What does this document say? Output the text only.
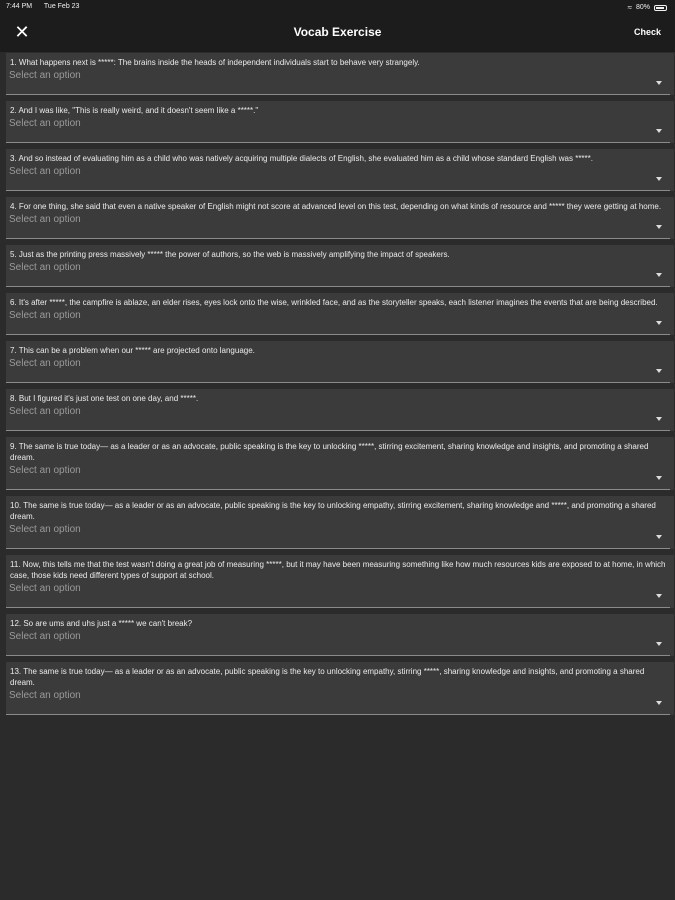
7:44 PM Tue Feb 23	≈ 80%
✕	Vocab Exercise	Check
1. What happens next is *****: The brains inside the heads of independent individuals start to behave very strangely.
Select an option
2. And I was like, "This is really weird, and it doesn't seem like a *****."
Select an option
3. And so instead of evaluating him as a child who was natively acquiring multiple dialects of English, she evaluated him as a child whose standard English was *****.
Select an option
4. For one thing, she said that even a native speaker of English might not score at advanced level on this test, depending on what kinds of resource and ***** they were getting at home.
Select an option
5. Just as the printing press massively ***** the power of authors, so the web is massively amplifying the impact of speakers.
Select an option
6. It's after *****, the campfire is ablaze, an elder rises, eyes lock onto the wise, wrinkled face, and as the storyteller speaks, each listener imagines the events that are being described.
Select an option
7. This can be a problem when our ***** are projected onto language.
Select an option
8. But I figured it's just one test on one day, and *****.
Select an option
9. The same is true today— as a leader or as an advocate, public speaking is the key to unlocking *****, stirring excitement, sharing knowledge and insights, and promoting a shared dream.
Select an option
10. The same is true today— as a leader or as an advocate, public speaking is the key to unlocking empathy, stirring excitement, sharing knowledge and *****, and promoting a shared dream.
Select an option
11. Now, this tells me that the test wasn't doing a great job of measuring *****, but it may have been measuring something like how much resources kids are exposed to at home, in which case, those kids need different types of support at school.
Select an option
12. So are ums and uhs just a ***** we can't break?
Select an option
13. The same is true today— as a leader or as an advocate, public speaking is the key to unlocking empathy, stirring *****, sharing knowledge and insights, and promoting a shared dream.
Select an option
